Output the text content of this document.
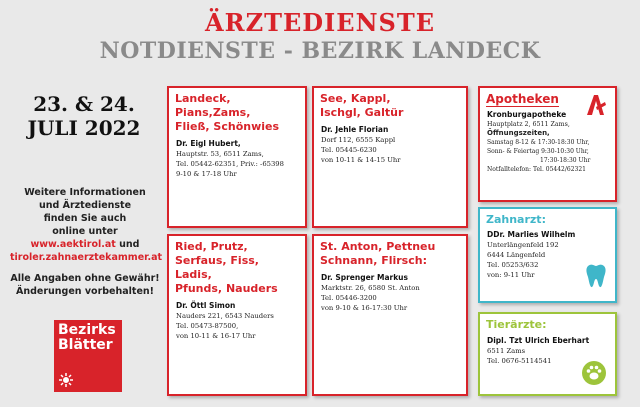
ÄRZTEDIENSTE
NOTDIENSTE - BEZIRK LANDECK
23. & 24.
JULI 2022
Weitere Informationen
und Ärztedienste
finden Sie auch
online unter
www.aektirol.at und
tiroler.zahnaerztekammer.at
Alle Angaben ohne Gewähr!
Änderungen vorbehalten!
Bezirks
Blätter
Landeck, Pians,Zams,
Fließ, Schönwies
Dr. Eigl Hubert,
Hauptstr. 53, 6511 Zams,
Tel. 05442-62351, Priv.: -65398
9-10 & 17-18 Uhr
See, Kappl,
Ischgl, Galtür
Dr. Jehle Florian
Dorf 112, 6555 Kappl
Tel. 05445-6230
von 10-11 & 14-15 Uhr
Ried, Prutz,
Serfaus, Fiss, Ladis,
Pfunds, Nauders
Dr. Öttl Simon
Nauders 221, 6543 Nauders
Tel. 05473-87500,
von 10-11 & 16-17 Uhr
St. Anton, Pettneu
Schnann, Flirsch:
Dr. Sprenger Markus
Marktstr. 26, 6580 St. Anton
Tel. 05446-3200
von 9-10 & 16-17:30 Uhr
Apotheken
Kronburgapotheke
Hauptplatz 2, 6511 Zams,
Öffnungszeiten,
Samstag 8-12 & 17:30-18:30 Uhr,
Sonn- & Feiertag 9:30-10:30 Uhr,
17:30-18:30 Uhr
Notfalltelefon: Tel. 05442/62321
Zahnarzt:
DDr. Marlies Wilhelm
Unterlängenfeld 192
6444 Längenfeld
Tel. 05253/632
von: 9-11 Uhr
Tierärzte:
Dipl. Tzt Ulrich Eberhart
6511 Zams
Tel. 0676-5114541
